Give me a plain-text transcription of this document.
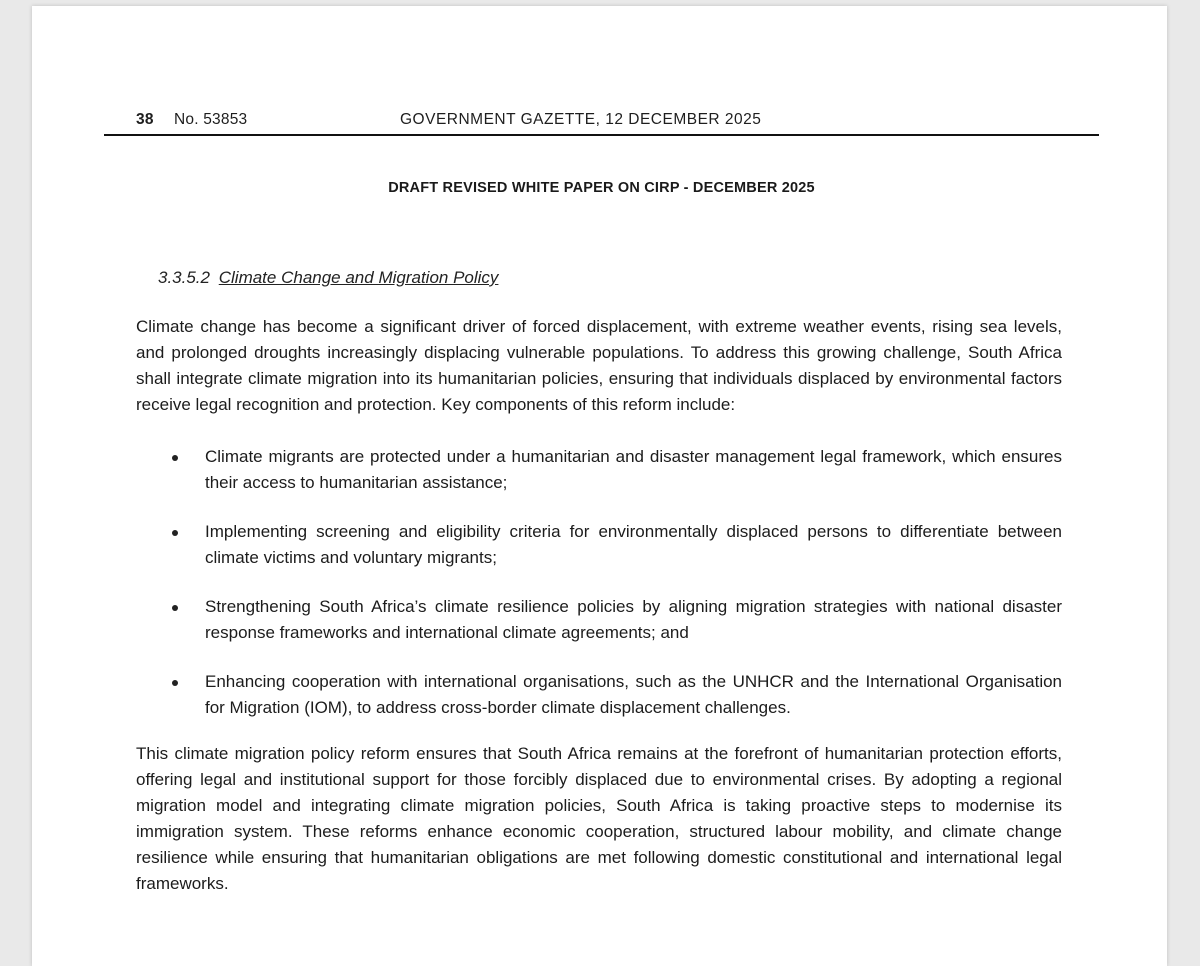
38 No. 53853	GOVERNMENT GAZETTE, 12 DECEMBER 2025
DRAFT REVISED WHITE PAPER ON CIRP - DECEMBER 2025
3.3.5.2 Climate Change and Migration Policy

Climate change has become a significant driver of forced displacement, with extreme weather events, rising sea levels, and prolonged droughts increasingly displacing vulnerable populations. To address this growing challenge, South Africa shall integrate climate migration into its humanitarian policies, ensuring that individuals displaced by environmental factors receive legal recognition and protection. Key components of this reform include:

Climate migrants are protected under a humanitarian and disaster management legal framework, which ensures their access to humanitarian assistance;
Implementing screening and eligibility criteria for environmentally displaced persons to differentiate between climate victims and voluntary migrants;
Strengthening South Africa’s climate resilience policies by aligning migration strategies with national disaster response frameworks and international climate agreements; and
Enhancing cooperation with international organisations, such as the UNHCR and the International Organisation for Migration (IOM), to address cross-border climate displacement challenges.

This climate migration policy reform ensures that South Africa remains at the forefront of humanitarian protection efforts, offering legal and institutional support for those forcibly displaced due to environmental crises. By adopting a regional migration model and integrating climate migration policies, South Africa is taking proactive steps to modernise its immigration system. These reforms enhance economic cooperation, structured labour mobility, and climate change resilience while ensuring that humanitarian obligations are met following domestic constitutional and international legal frameworks.
